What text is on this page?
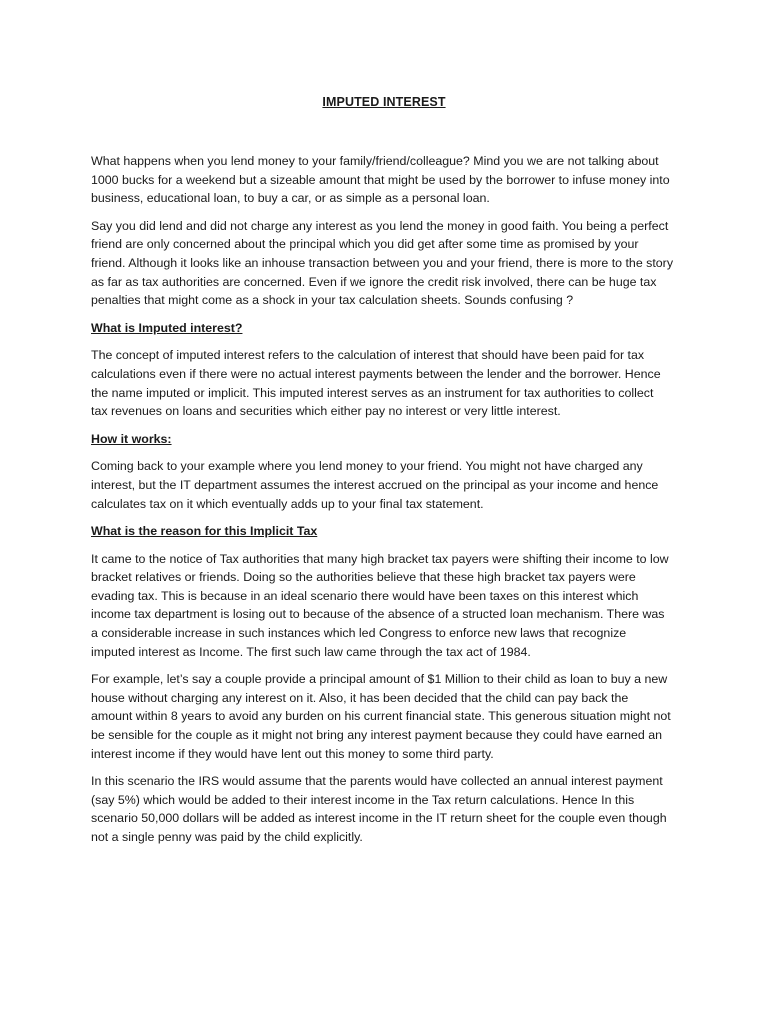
IMPUTED INTEREST

What happens when you lend money to your family/friend/colleague? Mind you we are not talking about 1000 bucks for a weekend but a sizeable amount that might be used by the borrower to infuse money into business, educational loan, to buy a car, or as simple as a personal loan.

Say you did lend and did not charge any interest as you lend the money in good faith. You being a perfect friend are only concerned about the principal which you did get after some time as promised by your friend. Although it looks like an inhouse transaction between you and your friend, there is more to the story as far as tax authorities are concerned. Even if we ignore the credit risk involved, there can be huge tax penalties that might come as a shock in your tax calculation sheets. Sounds confusing ?

What is Imputed interest?

The concept of imputed interest refers to the calculation of interest that should have been paid for tax calculations even if there were no actual interest payments between the lender and the borrower. Hence the name imputed or implicit. This imputed interest serves as an instrument for tax authorities to collect tax revenues on loans and securities which either pay no interest or very little interest.

How it works:

Coming back to your example where you lend money to your friend. You might not have charged any interest, but the IT department assumes the interest accrued on the principal as your income and hence calculates tax on it which eventually adds up to your final tax statement.

What is the reason for this Implicit Tax

It came to the notice of Tax authorities that many high bracket tax payers were shifting their income to low bracket relatives or friends. Doing so the authorities believe that these high bracket tax payers were evading tax. This is because in an ideal scenario there would have been taxes on this interest which income tax department is losing out to because of the absence of a structed loan mechanism. There was a considerable increase in such instances which led Congress to enforce new laws that recognize imputed interest as Income. The first such law came through the tax act of 1984.

For example, let’s say a couple provide a principal amount of $1 Million to their child as loan to buy a new house without charging any interest on it. Also, it has been decided that the child can pay back the amount within 8 years to avoid any burden on his current financial state. This generous situation might not be sensible for the couple as it might not bring any interest payment because they could have earned an interest income if they would have lent out this money to some third party.

In this scenario the IRS would assume that the parents would have collected an annual interest payment (say 5%) which would be added to their interest income in the Tax return calculations. Hence In this scenario 50,000 dollars will be added as interest income in the IT return sheet for the couple even though not a single penny was paid by the child explicitly.
